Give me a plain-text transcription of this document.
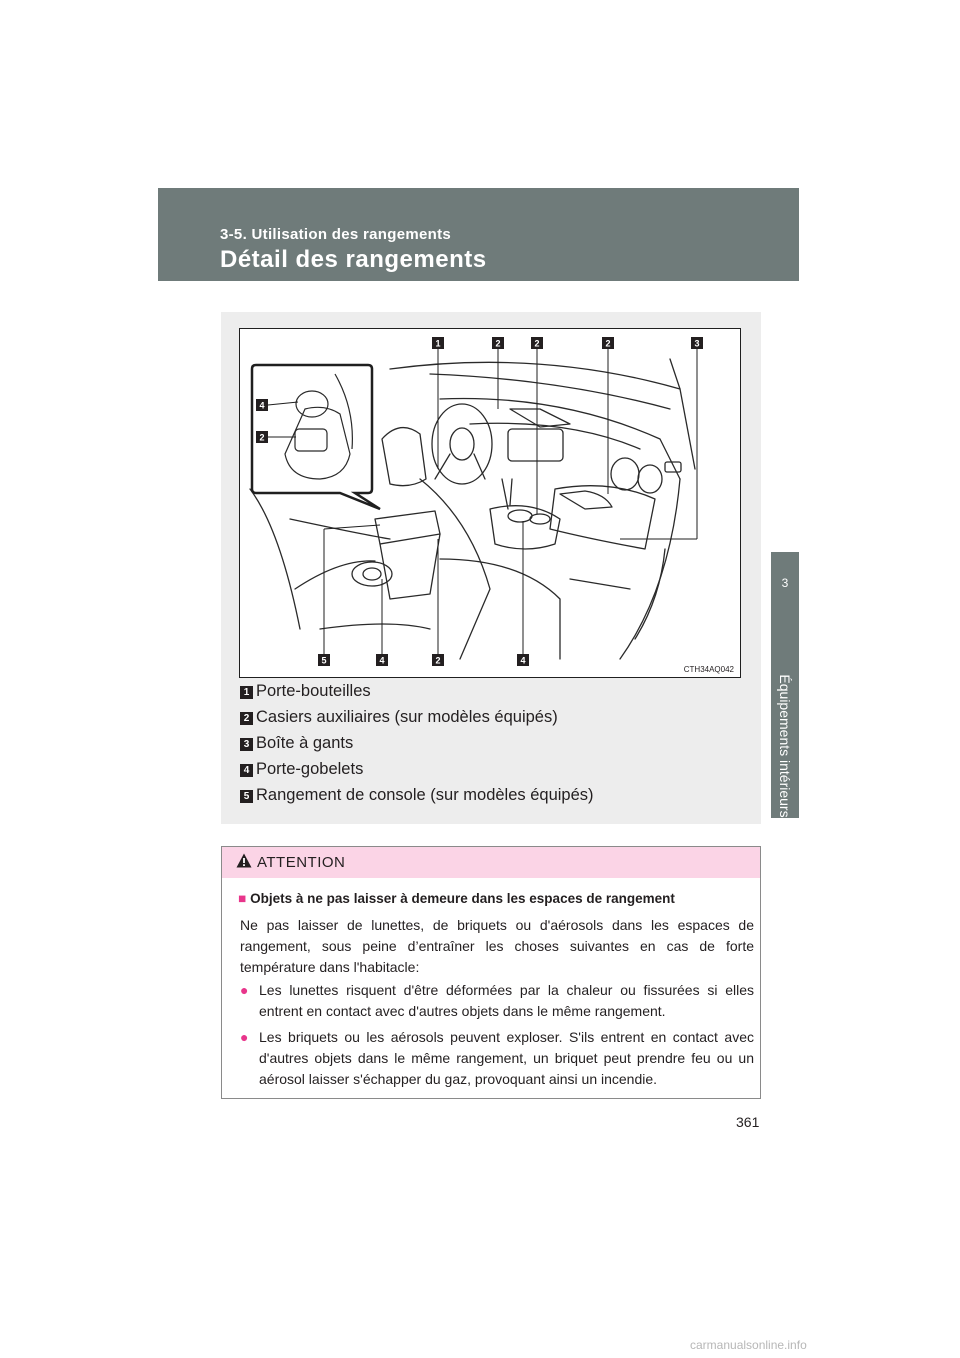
3-5. Utilisation des rangements
Détail des rangements
3
Équipements intérieurs
1	2	2	2	3
4
2
5	4	2	4
CTH34AQ042
1 Porte-bouteilles
2 Casiers auxiliaires (sur modèles équipés)
3 Boîte à gants
4 Porte-gobelets
5 Rangement de console (sur modèles équipés)
ATTENTION
■ Objets à ne pas laisser à demeure dans les espaces de rangement
Ne pas laisser de lunettes, de briquets ou d'aérosols dans les espaces de rangement, sous peine d’entraîner les choses suivantes en cas de forte température dans l'habitacle:
● Les lunettes risquent d'être déformées par la chaleur ou fissurées si elles entrent en contact avec d'autres objets dans le même rangement.
● Les briquets ou les aérosols peuvent exploser. S'ils entrent en contact avec d'autres objets dans le même rangement, un briquet peut prendre feu ou un aérosol laisser s'échapper du gaz, provoquant ainsi un incendie.
361
carmanualsonline.info
